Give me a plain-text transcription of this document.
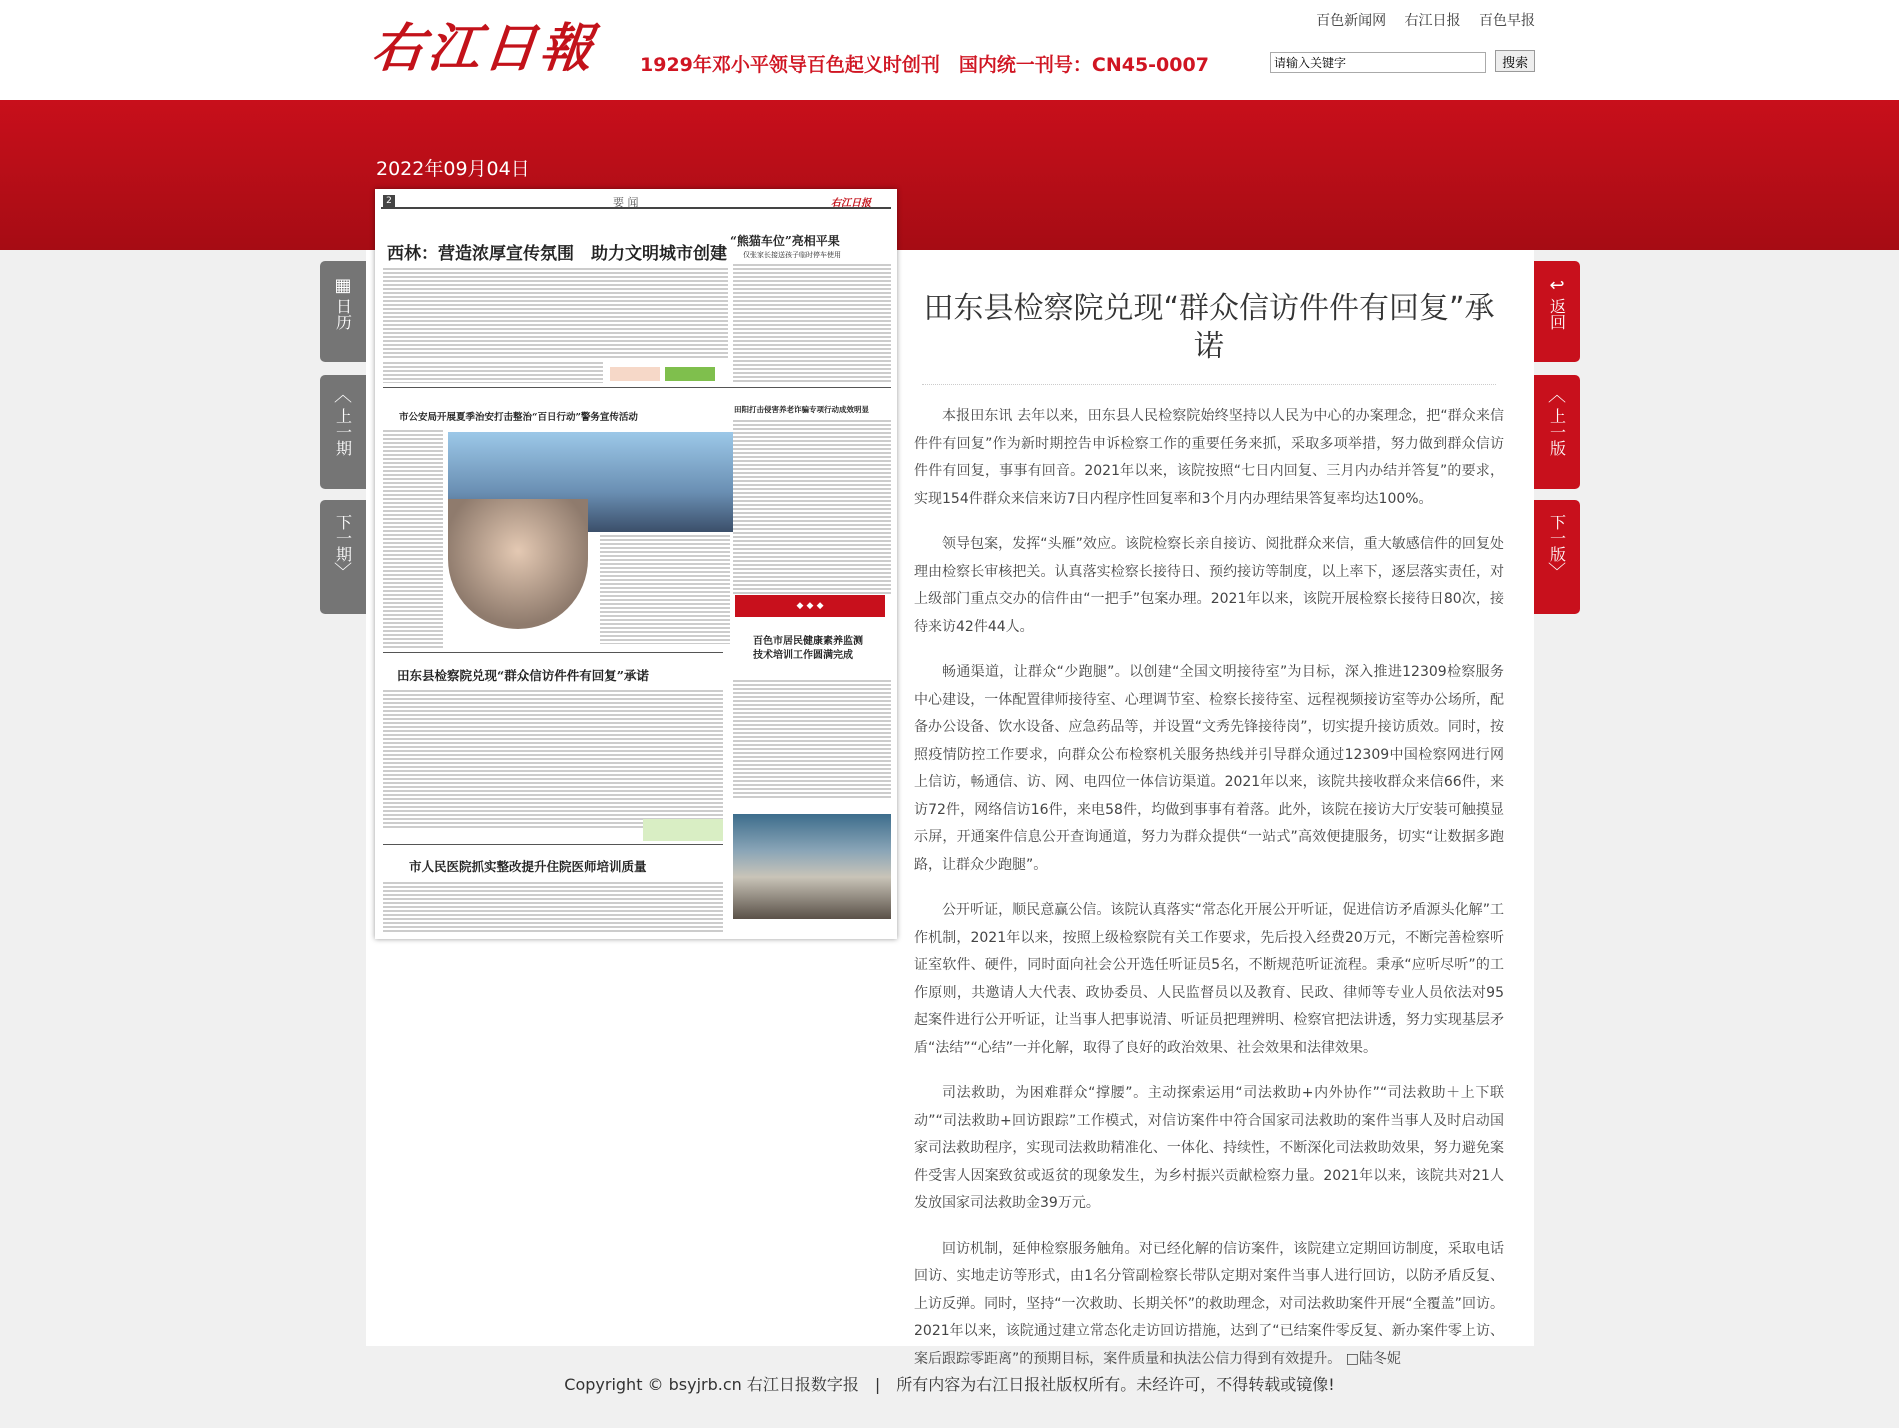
右江日報	1929年邓小平领导百色起义时创刊　国内统一刊号：CN45-0007
百色新闻网 右江日报 百色早报
请输入关键字 搜索
2022年09月04日
▦
日历
︿
上一期
下一期
﹀
↩
返回
︿
上一版
下一版
﹀
2	要 闻	右江日报
西林：营造浓厚宣传氛围　助力文明城市创建
“熊猫车位”亮相平果
仅张家长接送孩子临时停车使用
市公安局开展夏季治安打击整治“百日行动”警务宣传活动
田阳打击侵害养老诈骗专项行动成效明显
◆ ◆ ◆
田东县检察院兑现“群众信访件件有回复”承诺
百色市居民健康素养监测技术培训工作圆满完成
市人民医院抓实整改提升住院医师培训质量
田东县检察院兑现“群众信访件件有回复”承诺

本报田东讯 去年以来，田东县人民检察院始终坚持以人民为中心的办案理念，把“群众来信件件有回复”作为新时期控告申诉检察工作的重要任务来抓，采取多项举措，努力做到群众信访件件有回复，事事有回音。2021年以来，该院按照“七日内回复、三月内办结并答复”的要求，实现154件群众来信来访7日内程序性回复率和3个月内办理结果答复率均达100%。

领导包案，发挥“头雁”效应。该院检察长亲自接访、阅批群众来信，重大敏感信件的回复处理由检察长审核把关。认真落实检察长接待日、预约接访等制度，以上率下，逐层落实责任，对上级部门重点交办的信件由“一把手”包案办理。2021年以来，该院开展检察长接待日80次，接待来访42件44人。

畅通渠道，让群众“少跑腿”。以创建“全国文明接待室”为目标，深入推进12309检察服务中心建设，一体配置律师接待室、心理调节室、检察长接待室、远程视频接访室等办公场所，配备办公设备、饮水设备、应急药品等，并设置“文秀先锋接待岗”，切实提升接访质效。同时，按照疫情防控工作要求，向群众公布检察机关服务热线并引导群众通过12309中国检察网进行网上信访，畅通信、访、网、电四位一体信访渠道。2021年以来，该院共接收群众来信66件，来访72件，网络信访16件，来电58件，均做到事事有着落。此外，该院在接访大厅安装可触摸显示屏，开通案件信息公开查询通道，努力为群众提供“一站式”高效便捷服务，切实“让数据多跑路，让群众少跑腿”。

公开听证，顺民意赢公信。该院认真落实“常态化开展公开听证，促进信访矛盾源头化解”工作机制，2021年以来，按照上级检察院有关工作要求，先后投入经费20万元，不断完善检察听证室软件、硬件，同时面向社会公开选任听证员5名，不断规范听证流程。秉承“应听尽听”的工作原则，共邀请人大代表、政协委员、人民监督员以及教育、民政、律师等专业人员依法对95起案件进行公开听证，让当事人把事说清、听证员把理辨明、检察官把法讲透，努力实现基层矛盾“法结”“心结”一并化解，取得了良好的政治效果、社会效果和法律效果。

司法救助，为困难群众“撑腰”。主动探索运用“司法救助+内外协作”“司法救助＋上下联动”“司法救助+回访跟踪”工作模式，对信访案件中符合国家司法救助的案件当事人及时启动国家司法救助程序，实现司法救助精准化、一体化、持续性，不断深化司法救助效果，努力避免案件受害人因案致贫或返贫的现象发生，为乡村振兴贡献检察力量。2021年以来，该院共对21人发放国家司法救助金39万元。

回访机制，延伸检察服务触角。对已经化解的信访案件，该院建立定期回访制度，采取电话回访、实地走访等形式，由1名分管副检察长带队定期对案件当事人进行回访，以防矛盾反复、上访反弹。同时，坚持“一次救助、长期关怀”的救助理念，对司法救助案件开展“全覆盖”回访。2021年以来，该院通过建立常态化走访回访措施，达到了“已结案件零反复、新办案件零上访、案后跟踪零距离”的预期目标，案件质量和执法公信力得到有效提升。 □陆冬妮

Copyright © bsyjrb.cn 右江日报数字报　|　所有内容为右江日报社版权所有。未经许可，不得转载或镜像!
